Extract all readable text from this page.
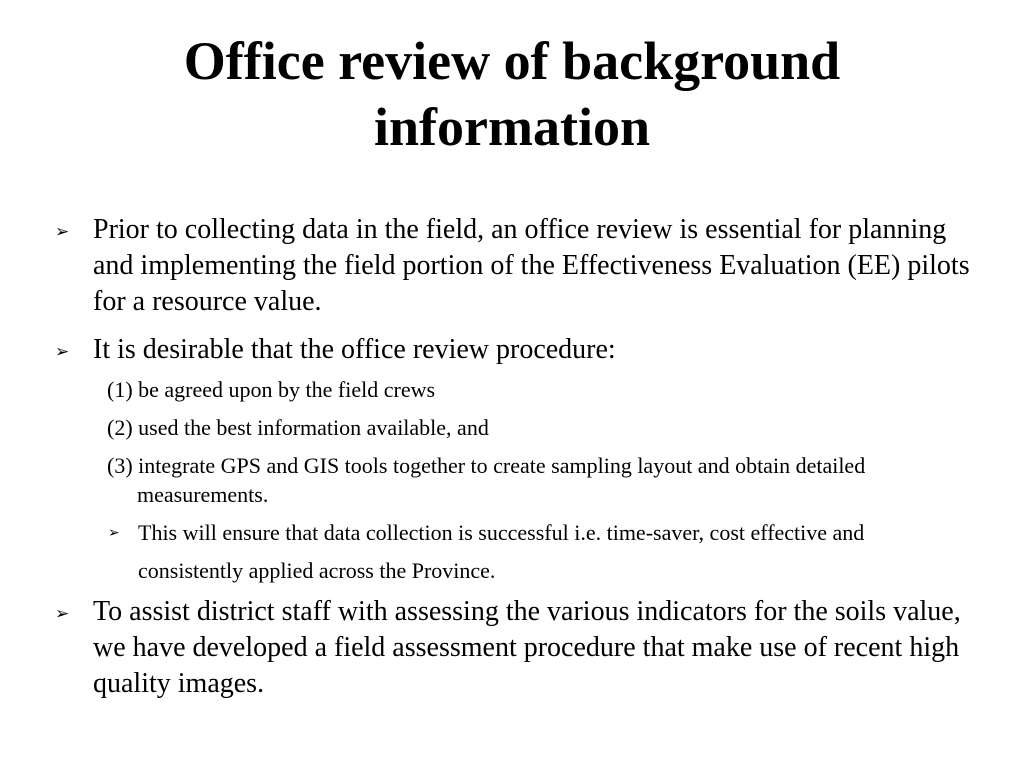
Office review of background information

➢ Prior to collecting data in the field, an office review is essential for planning and implementing the field portion of the Effectiveness Evaluation (EE) pilots for a resource value.

➢ It is desirable that the office review procedure:

(1) be agreed upon by the field crews

(2) used the best information available, and

(3) integrate GPS and GIS tools together to create sampling layout and obtain detailed measurements.

➢ This will ensure that data collection is successful i.e. time-saver, cost effective and consistently applied across the Province.

➢ To assist district staff with assessing the various indicators for the soils value, we have developed a field assessment procedure that make use of recent high quality images.
